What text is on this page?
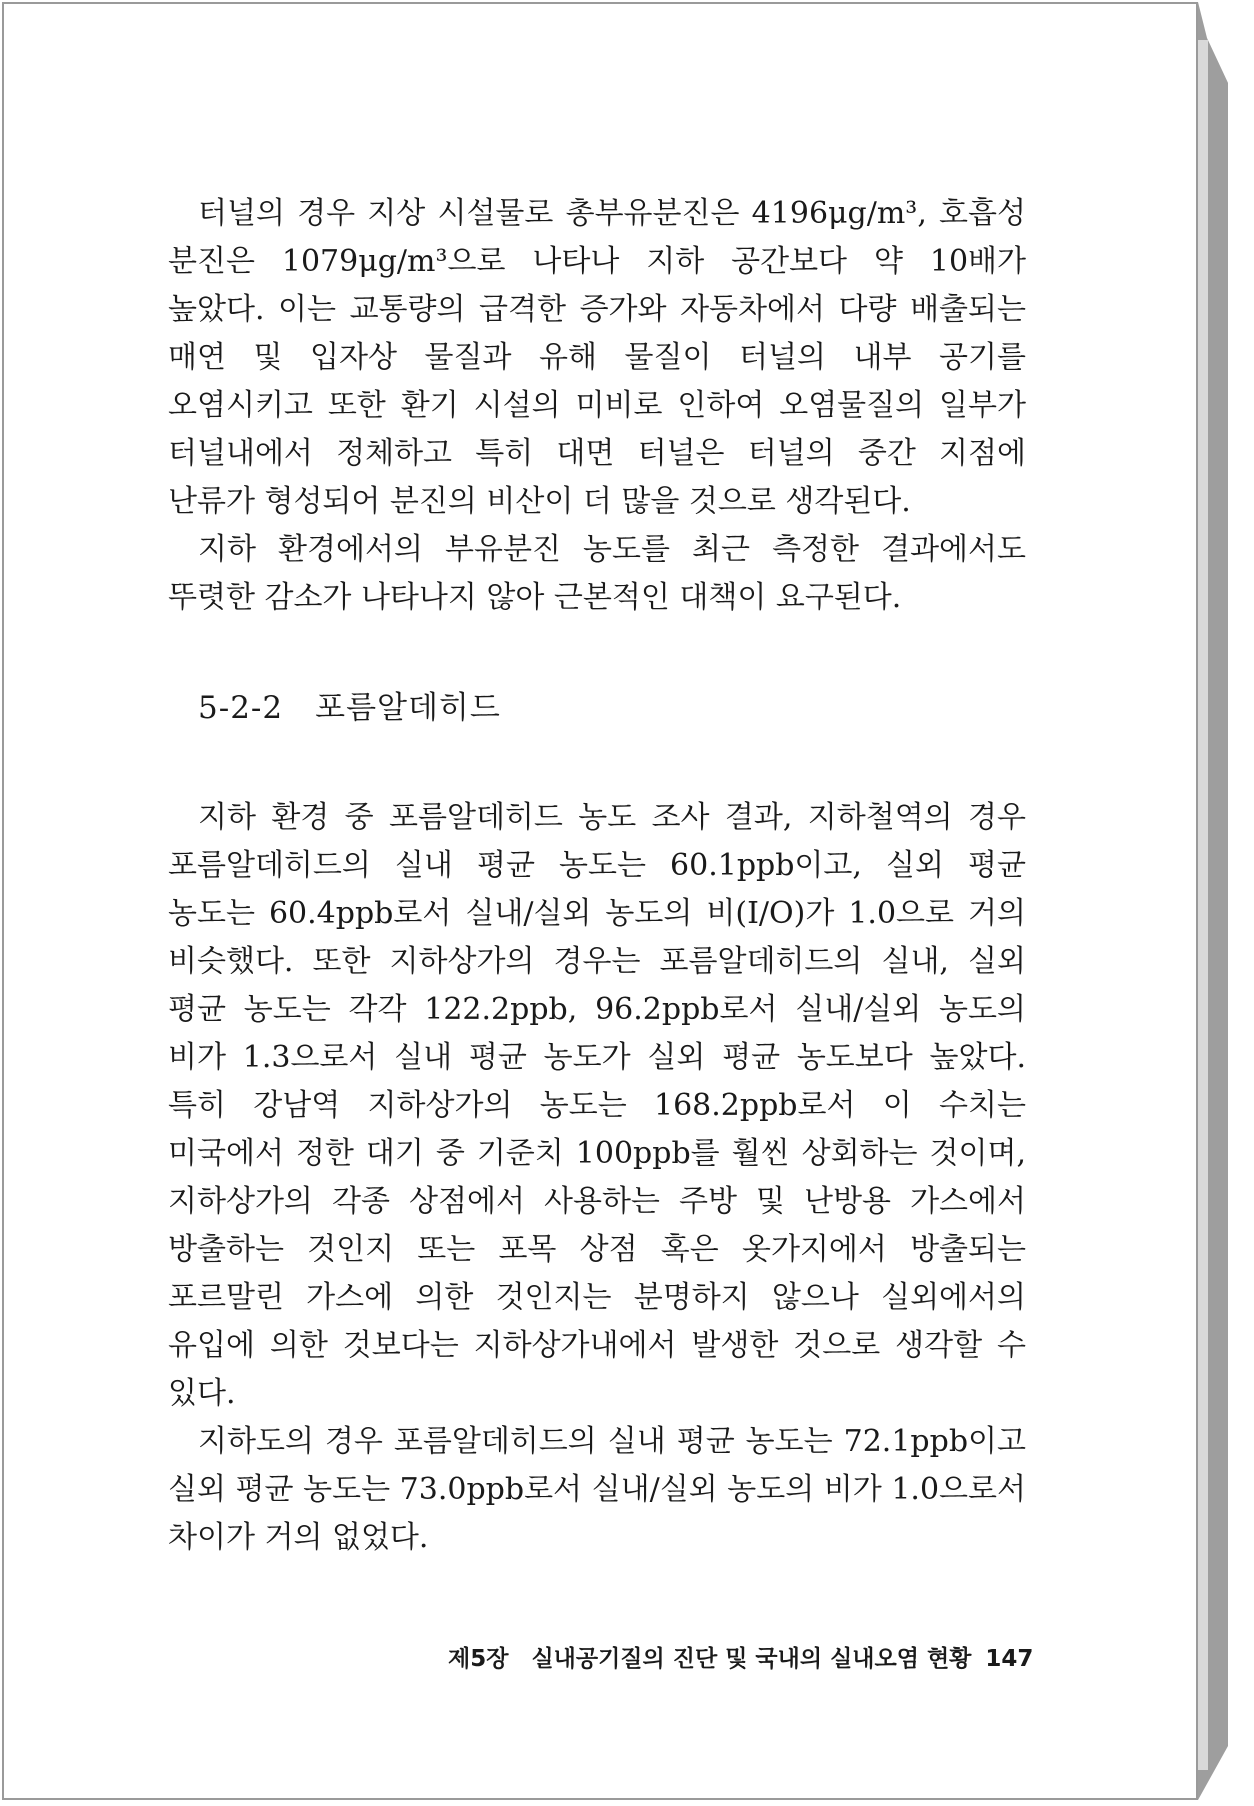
터널의 경우 지상 시설물로 총부유분진은 4196μg/m³, 호흡성 분진은 1079μg/m³으로 나타나 지하 공간보다 약 10배가 높았다. 이는 교통량의 급격한 증가와 자동차에서 다량 배출되는 매연 및 입자상 물질과 유해 물질이 터널의 내부 공기를 오염시키고 또한 환기 시설의 미비로 인하여 오염물질의 일부가 터널내에서 정체하고 특히 대면 터널은 터널의 중간 지점에 난류가 형성되어 분진의 비산이 더 많을 것으로 생각된다.

지하 환경에서의 부유분진 농도를 최근 측정한 결과에서도 뚜렷한 감소가 나타나지 않아 근본적인 대책이 요구된다.

5-2-2　포름알데히드

지하 환경 중 포름알데히드 농도 조사 결과, 지하철역의 경우 포름알데히드의 실내 평균 농도는 60.1ppb이고, 실외 평균 농도는 60.4ppb로서 실내/실외 농도의 비(I/O)가 1.0으로 거의 비슷했다. 또한 지하상가의 경우는 포름알데히드의 실내, 실외 평균 농도는 각각 122.2ppb, 96.2ppb로서 실내/실외 농도의 비가 1.3으로서 실내 평균 농도가 실외 평균 농도보다 높았다. 특히 강남역 지하상가의 농도는 168.2ppb로서 이 수치는 미국에서 정한 대기 중 기준치 100ppb를 훨씬 상회하는 것이며, 지하상가의 각종 상점에서 사용하는 주방 및 난방용 가스에서 방출하는 것인지 또는 포목 상점 혹은 옷가지에서 방출되는 포르말린 가스에 의한 것인지는 분명하지 않으나 실외에서의 유입에 의한 것보다는 지하상가내에서 발생한 것으로 생각할 수 있다.

지하도의 경우 포름알데히드의 실내 평균 농도는 72.1ppb이고 실외 평균 농도는 73.0ppb로서 실내/실외 농도의 비가 1.0으로서 차이가 거의 없었다.

제5장　실내공기질의 진단 및 국내의 실내오염 현황 147
